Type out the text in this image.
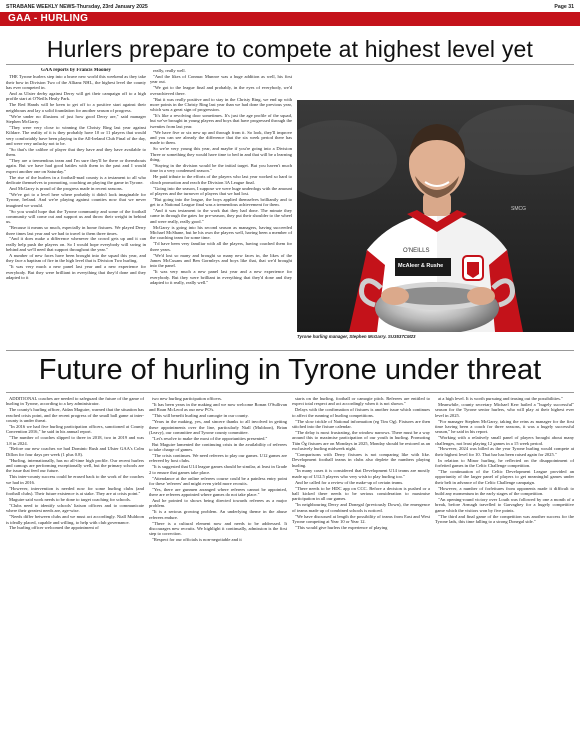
STRABANE WEEKLY NEWS-Thursday, 23rd January 2025	Page 31
GAA - HURLING
Hurlers prepare to compete at highest level yet
GAA reports by Francis Mooney

THE Tyrone hurlers step into a brave new world this weekend as they take their bow in Division Two of the Allianz NHL, the highest level the county has ever competed in.

And as Ulster derby against Derry will get their campaign off to a high profile start at O'Neills Healy Park.

The Red Hands will be keen to get off to a positive start against their neighbours and lay a solid foundation for another season of progress.

"We're under no illusions of just how good Derry are," said manager Stephen McGarry.

"They were very close to winning the Christy Ring last year against Kildare. The reality of it is they probably have 10 or 11 players that would very comfortably have been playing in the All-Ireland Club Final of the day, and were very unlucky not to be.

"So that's the calibre of player that they have and they have available to them.

"They are a tremendous team and I'm sure they'll be there or thereabouts again. But we have had good battles with them in the past and I would expect another one on Saturday."

The rise of the hurlers in a football-mad county is a testament to all who dedicate themselves to promoting, coaching an playing the game in Tyrone.

And McGarry is proud of the progress made in recent seasons.

"We've got to a level here where probably it didn't look imaginable for Tyrone, Ireland. And we're playing against counties now that we never imagined we would.

"So you would hope that the Tyrone community and some of the football community will come out and support us and throw their weight in behind us.

"Because it means so much, especially in home fixtures. We played Derry three times last year and we had to travel to them three times.

"And it does make a difference whenever the crowd gets up and it can really help push the players on. So I would hope everybody will swing in behind and we'll need that support throughout the year."

A number of new faces have been brought into the squad this year, and they face a baptism of fire in the high level that is Division Two hurling.

"It was very much a new panel last year and a new experience for everybody. But they were brilliant in everything that they'd done and they adapted to it

really, really well.

"And the likes of Conmac Munroe was a huge addition as well, his first year out.

"We got to the league final and probably, in the eyes of everybody, we'd overachieved there.

"But it was really positive and to stay in the Christy Ring, we end up with more points in the Christy Ring last year than we had done the previous year, which was a great sign of progression.

"It's like a revolving door sometimes. It's just the age profile of the squad, but we've brought in young players and boys that have progressed through the twenties from last year.

"We have five or six new up and through from it. So look, they'll improve and you can see already the difference that the six week period there has made to them.

So we're very young this year, and maybe if you're going into a Division Three or something they would have time to bed in and that will be a learning thing.

"Staying in the division would be the initial target. But you haven't much time in a very condensed season."

He paid tribute to the efforts of the players who last year worked so hard to clinch promotion and reach the Division 3A League final.

"Going into the season, I suppose we were huge underdogs with the amount of players and the turnover of players that we had lost.

"But going into the league, the boys applied themselves brilliantly and to get to a National League final was a tremendous achievement for them.

"And it was testament to the work that they had done. The minute they came in through the gates for pre-season, they put their shoulder to the wheel and were really, really good."

McGarry is going into his second season as managers, having succeeded Michael McShane, but he his own the players well, having been a member of the coaching team for some time.

"I'd have been very familiar with all the players, having coached them for three years.

"We'd lost so many and brought so many new faces in, the likes of the James McCusans and Ben Gormleys and boys like that, that we'd brought into the panel.

"It was very much a new panel last year and a new experience for everybody. But they were brilliant in everything that they'd done and they adapted to it really, really well."

O'NEILLS
McAleer & Rushe
SMCG
Tyrone hurling manager, Stephen McGarry. SU3537CM23
Future of hurling in Tyrone under threat

ADDITIONAL coaches are needed to safeguard the future of the game of hurling in Tyrone, according to a key administrator.

The county's hurling officer, Aidan Maguire, warned that the situation has reached crisis point, and the recent progress of the small ball game at inter-county is under threat.

"In 2016 we had five hurling participation officers, sanctioned at County Convention 2016," he said in his annual report.

"The number of coaches slipped to three in 2018, two in 2019 and was 1.8 in 2024.

"Before our new coaches we had Dominic Rush and Ulster GAA's Colm Dillon for four days per week (1 plus 0.8).

"Hurling, internationally, has no all-time high profile. Our recent hurlers and camogs are performing exceptionally well, but the primary schools are the issue that feed our future.

This inter-county success could be erased back to the work of the coaches we had in 2016.

"However, intervention is needed now for some hurling clubs (and football clubs). Their future existence is at stake. They are at crisis point."

Maguire said work needs to be done to target coaching for schools.

"Clubs need to identify schools' liaison officers and to communicate where their greatest needs are, age-wise.

"Needs differ between clubs and we must act accordingly. Niall Muldoon is ideally placed, capable and willing, to help with club governance.

The hurling officer welcomed the appointment of

two new hurling participation officers.

"It has been years in the making and we now welcome Ronan O'Sullivan and Roan McLeod as our new PO's.

"This will benefit hurling and camogie in our county.

"Years in the making, yes, and sincere thanks to all involved in getting these appointments over the line, particularly Niall (Muldoon), Brian (Leavy), our committee and Tyrone county committee.

"Let's resolve to make the most of the opportunities presented."

But Maguire lamented the continuing crisis in the availability of referees to take charge of games.

"The crisis continues. We need referees to play our games. U12 games are refereed by host clubs.

"It is suggested that U14 league games should be similar, at least in Grade 2 to ensure that games take place.

"Attendance at the online referees course could be a painless entry point for these 'referees' and might even yield more recruits.

"Yes, there are gunmen arranged where referees cannot be appointed, there are referees appointed where games do not take place."

And he pointed to shows being directed towards referees as a major problem.

"It is a serious growing problem. An underlying theme in the abuse referees endure.

"There is a cultural element now and needs to be addressed. It discourages new recruits. We highlight it continually, admission is the first step to correction.

"Respect for our officials is non-negotiable and it

starts on the hurling, football or camogie pitch. Referees are entitled to expect total respect and act accordingly when it is not shown."

Delays with the confirmation of fixtures is another issue which continues to affect the running of hurling competitions.

"The slow trickle of National information (eg Tim Og). Fixtures are then stitched into the fixture calendar.

"The delay is most frustrating, the window narrows. There must be a way around this to maximise participation of our youth in hurling. Promoting Tián Óg fixtures are on Mondays in 2025, Monday should be restored as an exclusively hurling midweek night.

"Comparisons with Derry fixtures is not comparing like with like. Development football teams in clubs also deplete the numbers playing hurling.

"In many cases it is considered that Development U14 teams are mostly made up of U12.5 players who very wish to play hurling too."

And he called for a review of the make-up of certain teams.

"There needs to be HDC app on CCC. Before a decision is pushed or a ball kicked there needs to be serious consideration to maximise participation in all our games.

"In neighbouring Derry and Donegal (previously Down), the emergence of teams made up of combined schools is noticed.

"We have discussed at length the possibility of teams from East and West Tyrone competing at Year 10 or Year 12.

"This would give hurlers the experience of playing

at a high level. It is worth pursuing and teasing out the possibilities."

Meanwhile, county secretary Michael Kerr hailed a "hugely successful" season for the Tyrone senior hurlers, who will play at their highest ever level in 2025.

"For manager Stephen McGarry, taking the reins as manager for the first time having been a coach for three seasons, it was a hugely successful season," he said in his report.

"Working with a relatively small panel of players brought about many challenges, not least playing 12 games in a 15 week period.

"However, 2024 was billed as the year Tyrone hurling would compete at their highest level for 10. That bar has been raised again for 2025."

In relation to Minor hurling, he reflected on the disappointment of forfeited games in the Celtic Challenge competition.

"The continuation of the Celtic Development League provided an opportunity of the larger panel of players to get meaningful games under their belt in advance of the Celtic Challenge campaign.

"However, a number of forfeitures from opponents made it difficult to build any momentum in the early stages of the competition.

"An opening-round victory over Louth was followed by one a month of a break, before Armagh travelled to Garvaghey for a hugely competitive game which the visitors won by five points.

"The third and final game of the competition was another success for the Tyrone lads, this time falling to a strong Donegal side."
